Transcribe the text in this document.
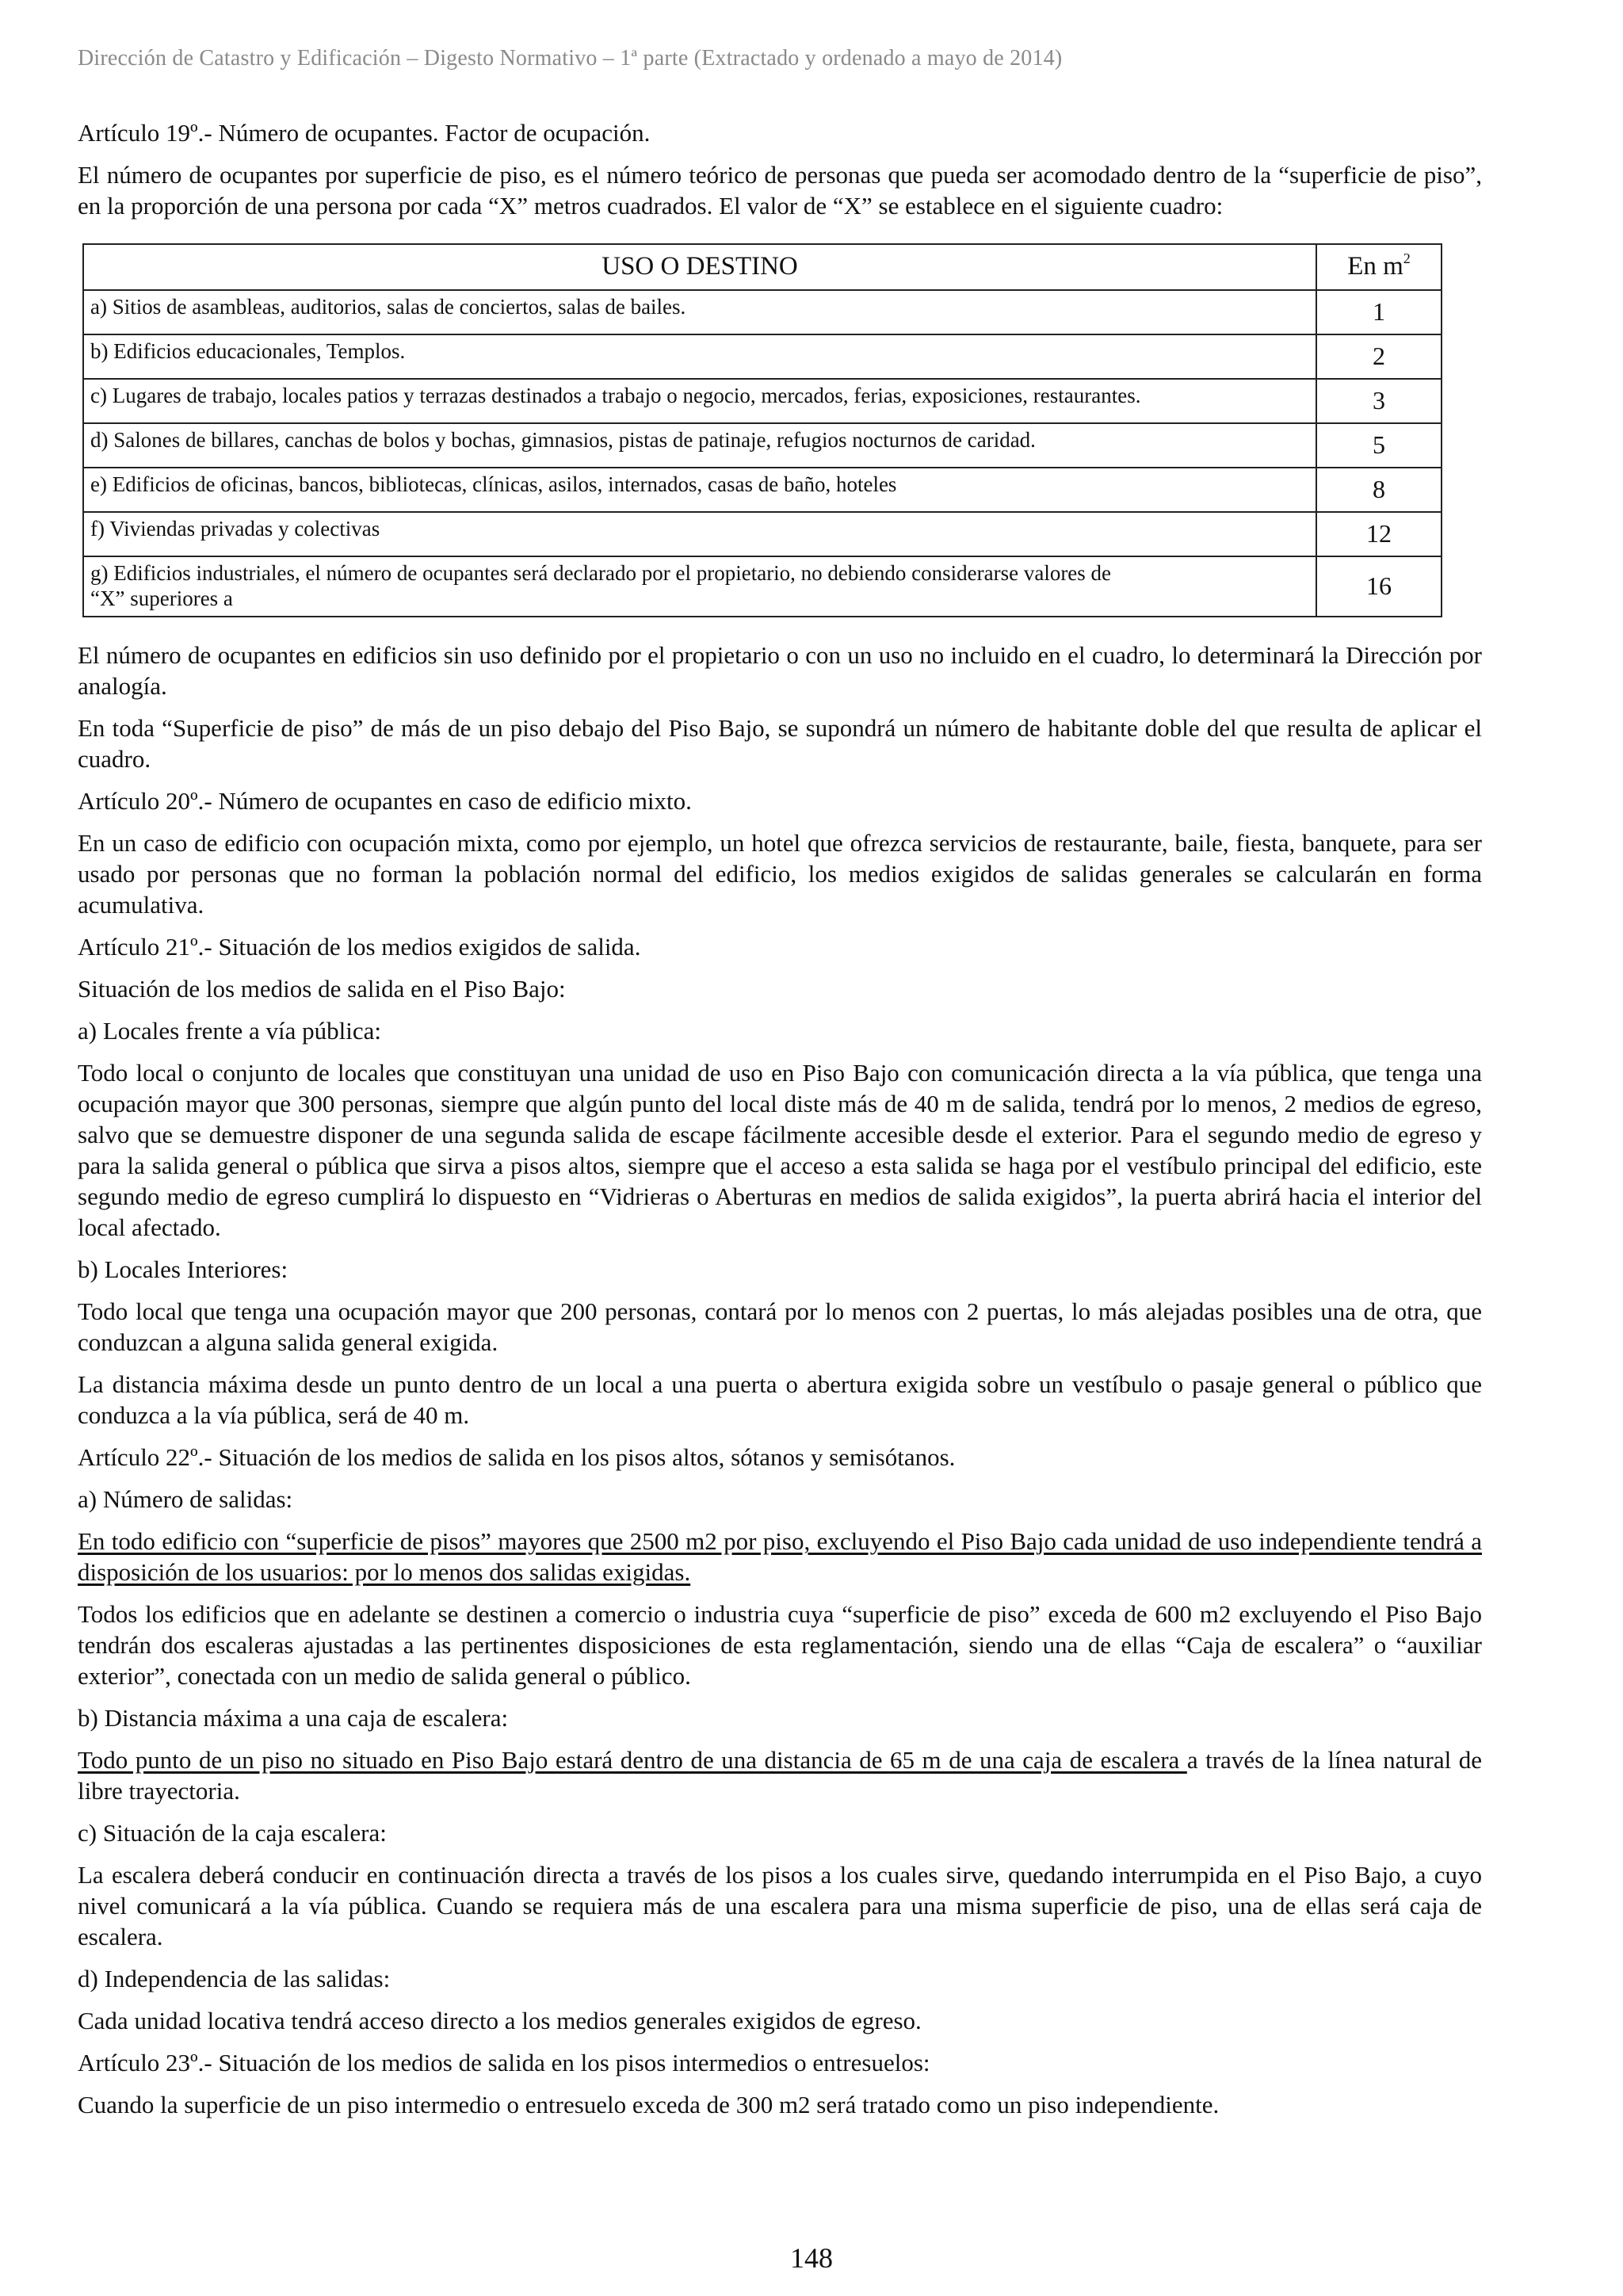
Dirección de Catastro y Edificación – Digesto Normativo – 1ª parte (Extractado y ordenado a mayo de 2014)

Artículo 19º.- Número de ocupantes. Factor de ocupación.

El número de ocupantes por superficie de piso, es el número teórico de personas que pueda ser acomodado dentro de la “superficie de piso”, en la proporción de una persona por cada “X” metros cuadrados. El valor de “X” se establece en el siguiente cuadro:

USO O DESTINO	En $m^2$
a) Sitios de asambleas, auditorios, salas de conciertos, salas de bailes.	1
b) Edificios educacionales, Templos.	2
c) Lugares de trabajo, locales patios y terrazas destinados a trabajo o negocio, mercados, ferias, exposiciones, restaurantes.	3
d) Salones de billares, canchas de bolos y bochas, gimnasios, pistas de patinaje, refugios nocturnos de caridad.	5
e) Edificios de oficinas, bancos, bibliotecas, clínicas, asilos, internados, casas de baño, hoteles	8
f) Viviendas privadas y colectivas	12
g) Edificios industriales, el número de ocupantes será declarado por el propietario, no debiendo considerarse valores de
“X” superiores a	16

El número de ocupantes en edificios sin uso definido por el propietario o con un uso no incluido en el cuadro, lo determinará la Dirección por analogía.

En toda “Superficie de piso” de más de un piso debajo del Piso Bajo, se supondrá un número de habitante doble del que resulta de aplicar el cuadro.

Artículo 20º.- Número de ocupantes en caso de edificio mixto.

En un caso de edificio con ocupación mixta, como por ejemplo, un hotel que ofrezca servicios de restaurante, baile, fiesta, banquete, para ser usado por personas que no forman la población normal del edificio, los medios exigidos de salidas generales se calcularán en forma acumulativa.

Artículo 21º.- Situación de los medios exigidos de salida.

Situación de los medios de salida en el Piso Bajo:

a) Locales frente a vía pública:

Todo local o conjunto de locales que constituyan una unidad de uso en Piso Bajo con comunicación directa a la vía pública, que tenga una ocupación mayor que 300 personas, siempre que algún punto del local diste más de 40 m de salida, tendrá por lo menos, 2 medios de egreso, salvo que se demuestre disponer de una segunda salida de escape fácilmente accesible desde el exterior. Para el segundo medio de egreso y para la salida general o pública que sirva a pisos altos, siempre que el acceso a esta salida se haga por el vestíbulo principal del edificio, este segundo medio de egreso cumplirá lo dispuesto en “Vidrieras o Aberturas en medios de salida exigidos”, la puerta abrirá hacia el interior del local afectado.

b) Locales Interiores:

Todo local que tenga una ocupación mayor que 200 personas, contará por lo menos con 2 puertas, lo más alejadas posibles una de otra, que conduzcan a alguna salida general exigida.

La distancia máxima desde un punto dentro de un local a una puerta o abertura exigida sobre un vestíbulo o pasaje general o público que conduzca a la vía pública, será de 40 m.

Artículo 22º.- Situación de los medios de salida en los pisos altos, sótanos y semisótanos.

a) Número de salidas:

En todo edificio con “superficie de pisos” mayores que 2500 m2 por piso, excluyendo el Piso Bajo cada unidad de uso independiente tendrá a disposición de los usuarios: por lo menos dos salidas exigidas.

Todos los edificios que en adelante se destinen a comercio o industria cuya “superficie de piso” exceda de 600 m2 excluyendo el Piso Bajo tendrán dos escaleras ajustadas a las pertinentes disposiciones de esta reglamentación, siendo una de ellas “Caja de escalera” o “auxiliar exterior”, conectada con un medio de salida general o público.

b) Distancia máxima a una caja de escalera:

Todo punto de un piso no situado en Piso Bajo estará dentro de una distancia de 65 m de una caja de escalera a través de la línea natural de libre trayectoria.

c) Situación de la caja escalera:

La escalera deberá conducir en continuación directa a través de los pisos a los cuales sirve, quedando interrumpida en el Piso Bajo, a cuyo nivel comunicará a la vía pública. Cuando se requiera más de una escalera para una misma superficie de piso, una de ellas será caja de escalera.

d) Independencia de las salidas:

Cada unidad locativa tendrá acceso directo a los medios generales exigidos de egreso.

Artículo 23º.- Situación de los medios de salida en los pisos intermedios o entresuelos:

Cuando la superficie de un piso intermedio o entresuelo exceda de 300 m2 será tratado como un piso independiente.

148
